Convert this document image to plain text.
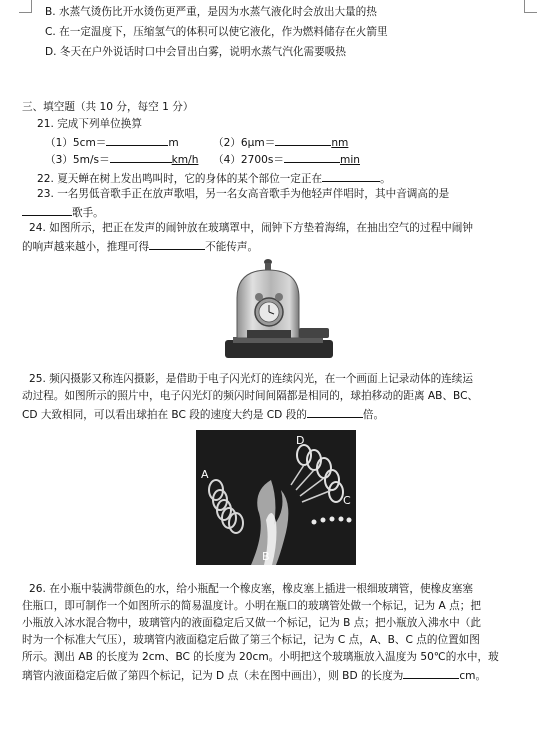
B. 水蒸气烫伤比开水烫伤更严重，是因为水蒸气液化时会放出大量的热
C. 在一定温度下，压缩氢气的体积可以使它液化，作为燃料储存在火箭里
D. 冬天在户外说话时口中会冒出白雾，说明水蒸气汽化需要吸热
三、填空题（共 10 分，每空 1 分）
21. 完成下列单位换算
（1）5cm＝	m	（2）6μm＝	nm
（3）5m/s＝	km/h （4）2700s＝	min
22. 夏天蝉在树上发出鸣叫时，它的身体的某个部位一定正在	。
23. 一名男低音歌手正在放声歌唱，另一名女高音歌手为他轻声伴唱时，其中音调高的是
歌手。
24. 如图所示，把正在发声的闹钟放在玻璃罩中，闹钟下方垫着海绵，在抽出空气的过程中闹钟
的响声越来越小，推理可得	不能传声。
25. 频闪摄影又称连闪摄影，是借助于电子闪光灯的连续闪光，在一个画面上记录动体的连续运
动过程。如图所示的照片中，电子闪光灯的频闪时间间隔都是相同的，球拍移动的距离 AB、BC、
CD 大致相同，可以看出球拍在 BC 段的速度大约是 CD 段的	倍。
D
A
C
B
26. 在小瓶中装满带颜色的水，给小瓶配一个橡皮塞，橡皮塞上插进一根细玻璃管，使橡皮塞塞
住瓶口，即可制作一个如图所示的简易温度计。小明在瓶口的玻璃管处做一个标记，记为 A 点；把
小瓶放入冰水混合物中，玻璃管内的液面稳定后又做一个标记，记为 B 点；把小瓶放入沸水中（此
时为一个标准大气压），玻璃管内液面稳定后做了第三个标记，记为 C 点，A、B、C 点的位置如图
所示。测出 AB 的长度为 2cm、BC 的长度为 20cm。小明把这个玻璃瓶放入温度为 50℃的水中，玻
璃管内液面稳定后做了第四个标记，记为 D 点（未在图中画出），则 BD 的长度为	cm。
